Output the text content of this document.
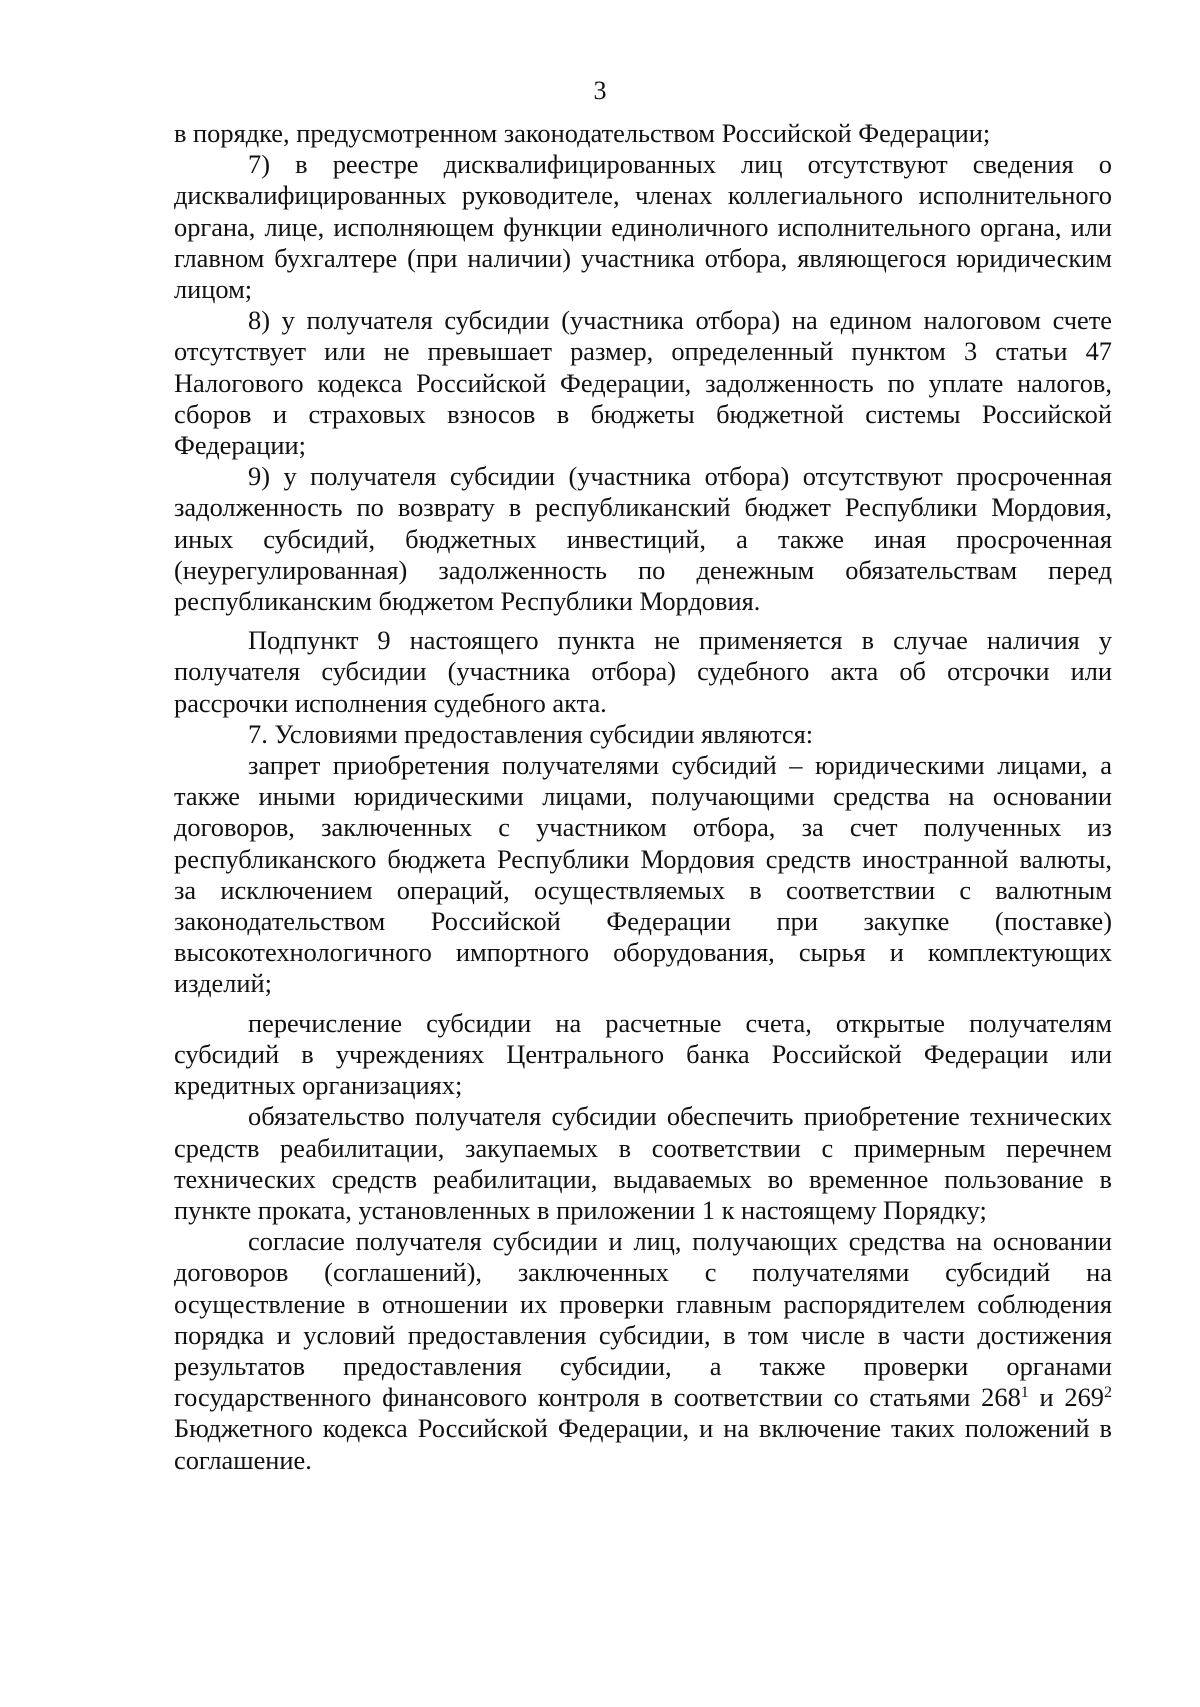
3

в порядке, предусмотренном законодательством Российской Федерации;

7) в реестре дисквалифицированных лиц отсутствуют сведения о дисквалифицированных руководителе, членах коллегиального исполнительного органа, лице, исполняющем функции единоличного исполнительного органа, или главном бухгалтере (при наличии) участника отбора, являющегося юридическим лицом;

8) у получателя субсидии (участника отбора) на едином налоговом счете отсутствует или не превышает размер, определенный пунктом 3 статьи 47 Налогового кодекса Российской Федерации, задолженность по уплате налогов, сборов и страховых взносов в бюджеты бюджетной системы Российской Федерации;

9) у получателя субсидии (участника отбора) отсутствуют просроченная задолженность по возврату в республиканский бюджет Республики Мордовия, иных субсидий, бюджетных инвестиций, а также иная просроченная (неурегулированная) задолженность по денежным обязательствам перед республиканским бюджетом Республики Мордовия.

Подпункт 9 настоящего пункта не применяется в случае наличия у получателя субсидии (участника отбора) судебного акта об отсрочки или рассрочки исполнения судебного акта.

7. Условиями предоставления субсидии являются:

запрет приобретения получателями субсидий – юридическими лицами, а также иными юридическими лицами, получающими средства на основании договоров, заключенных с участником отбора, за счет полученных из республиканского бюджета Республики Мордовия средств иностранной валюты, за исключением операций, осуществляемых в соответствии с валютным законодательством Российской Федерации при закупке (поставке) высокотехнологичного импортного оборудования, сырья и комплектующих изделий;

перечисление субсидии на расчетные счета, открытые получателям субсидий в учреждениях Центрального банка Российской Федерации или кредитных организациях;

обязательство получателя субсидии обеспечить приобретение технических средств реабилитации, закупаемых в соответствии с примерным перечнем технических средств реабилитации, выдаваемых во временное пользование в пункте проката, установленных в приложении 1 к настоящему Порядку;

согласие получателя субсидии и лиц, получающих средства на основании договоров (соглашений), заключенных с получателями субсидий на осуществление в отношении их проверки главным распорядителем соблюдения порядка и условий предоставления субсидии, в том числе в части достижения результатов предоставления субсидии, а также проверки органами государственного финансового контроля в соответствии со статьями $268^1$ и $269^2$ Бюджетного кодекса Российской Федерации, и на включение таких положений в соглашение.
